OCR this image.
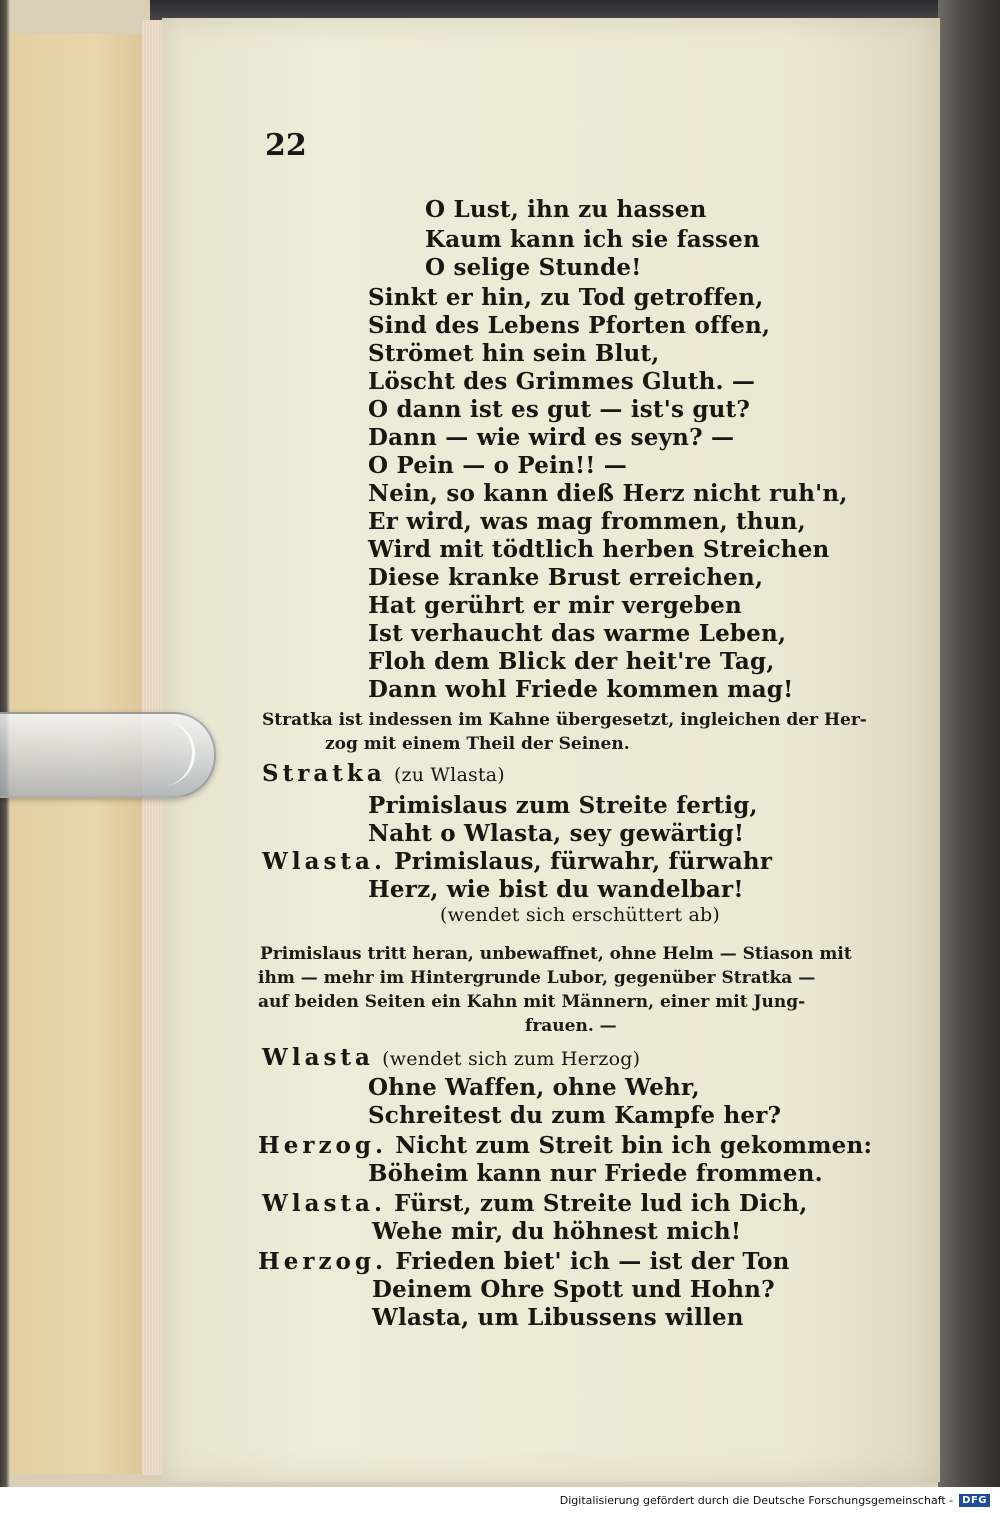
22
O Lust, ihn zu hassen
Kaum kann ich sie fassen
O selige Stunde!
Sinkt er hin, zu Tod getroffen,
Sind des Lebens Pforten offen,
Strömet hin sein Blut,
Löscht des Grimmes Gluth. —
O dann ist es gut — ist's gut?
Dann — wie wird es seyn? —
O Pein — o Pein!! —
Nein, so kann dieß Herz nicht ruh'n,
Er wird, was mag frommen, thun,
Wird mit tödtlich herben Streichen
Diese kranke Brust erreichen,
Hat gerührt er mir vergeben
Ist verhaucht das warme Leben,
Floh dem Blick der heit're Tag,
Dann wohl Friede kommen mag!
Stratka ist indessen im Kahne übergesetzt, ingleichen der Her-
zog mit einem Theil der Seinen.
Stratka (zu Wlasta)
Primislaus zum Streite fertig,
Naht o Wlasta, sey gewärtig!
Wlasta. Primislaus, fürwahr, fürwahr
Herz, wie bist du wandelbar!
(wendet sich erschüttert ab)
Primislaus tritt heran, unbewaffnet, ohne Helm — Stiason mit
ihm — mehr im Hintergrunde Lubor, gegenüber Stratka —
auf beiden Seiten ein Kahn mit Männern, einer mit Jung-
frauen. —
Wlasta (wendet sich zum Herzog)
Ohne Waffen, ohne Wehr,
Schreitest du zum Kampfe her?
Herzog. Nicht zum Streit bin ich gekommen:
Böheim kann nur Friede frommen.
Wlasta. Fürst, zum Streite lud ich Dich,
Wehe mir, du höhnest mich!
Herzog. Frieden biet' ich — ist der Ton
Deinem Ohre Spott und Hohn?
Wlasta, um Libussens willen
Digitalisierung gefördert durch die Deutsche Forschungsgemeinschaft - DFG
